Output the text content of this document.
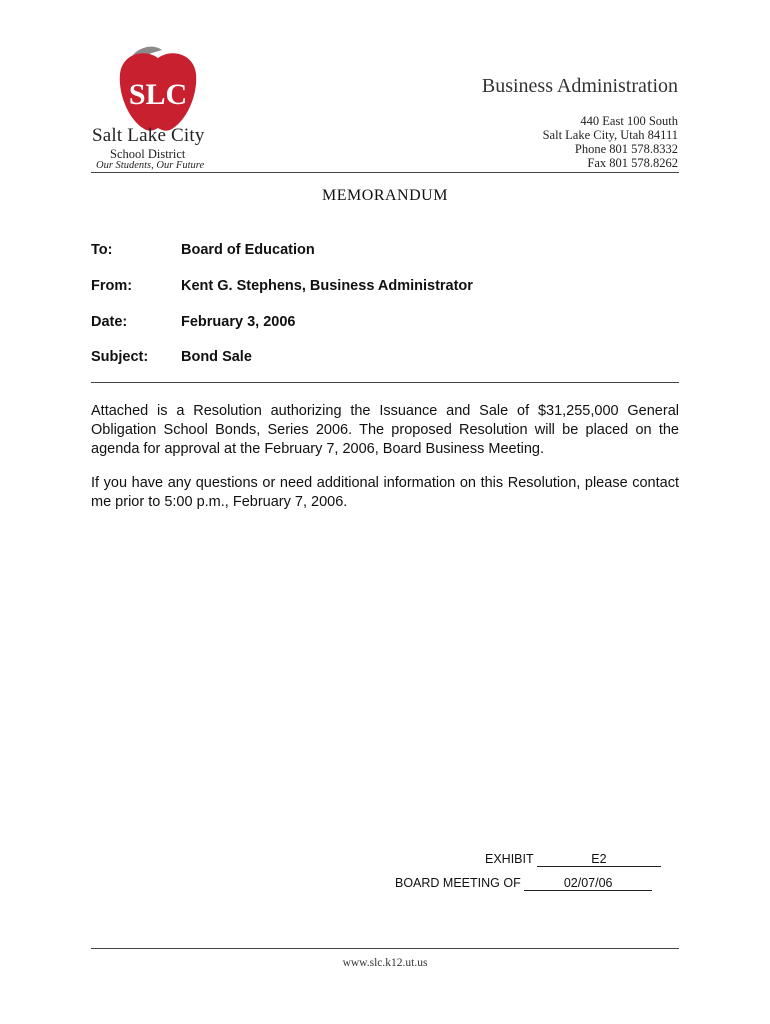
SLC
Salt Lake City
School District
Our Students, Our Future
Business Administration
440 East 100 South
Salt Lake City, Utah 84111
Phone 801 578.8332
Fax 801 578.8262
MEMORANDUM
To:	Board of Education
From:	Kent G. Stephens, Business Administrator
Date:	February 3, 2006
Subject: Bond Sale
Attached is a Resolution authorizing the Issuance and Sale of $31,255,000 General Obligation School Bonds, Series 2006. The proposed Resolution will be placed on the agenda for approval at the February 7, 2006, Board Business Meeting.
If you have any questions or need additional information on this Resolution, please contact me prior to 5:00 p.m., February 7, 2006.
EXHIBIT	E2
BOARD MEETING OF	02/07/06
www.slc.k12.ut.us
